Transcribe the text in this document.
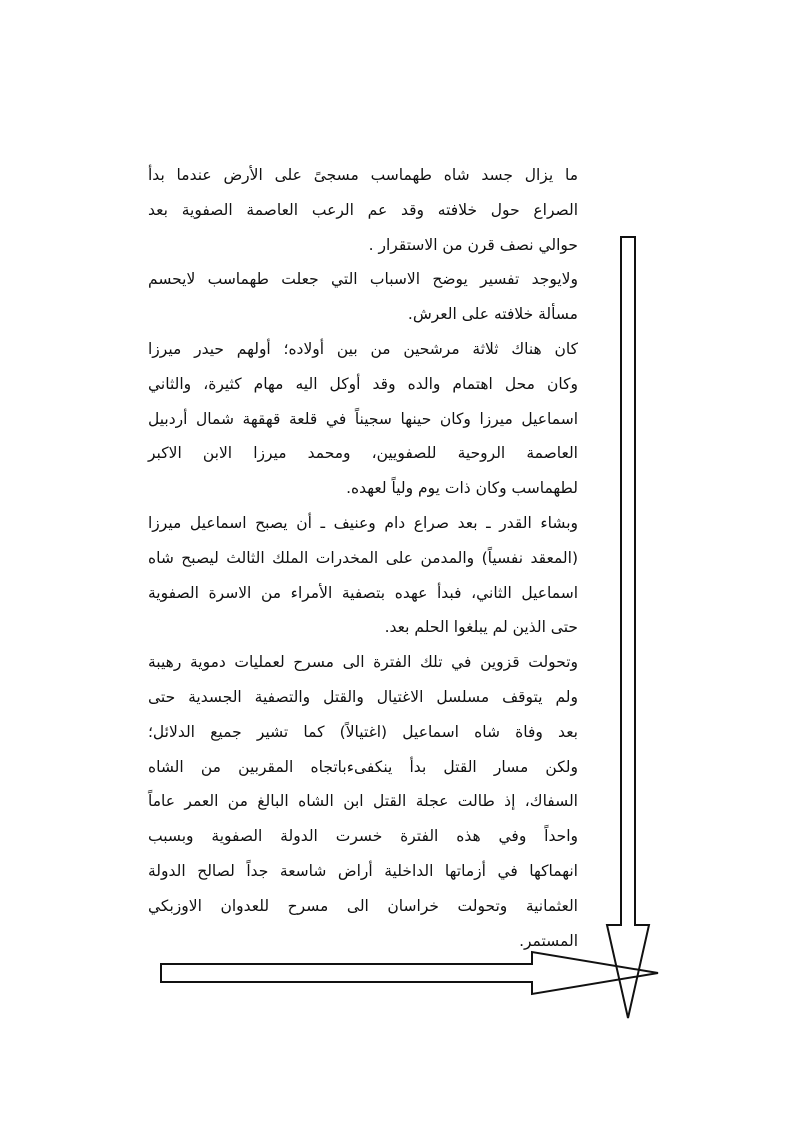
ما يزال جسد شاه طهماسب مسجىً على الأرض عندما بدأ
الصراع حول خلافته وقد عم الرعب العاصمة الصفوية بعد
حوالي نصف قرن من الاستقرار .
ولايوجد تفسير يوضح الاسباب التي جعلت طهماسب لايحسم
مسألة خلافته على العرش.
كان هناك ثلاثة مرشحين من بين أولاده؛ أولهم حيدر ميرزا
وكان محل اهتمام والده وقد أوكل اليه مهام كثيرة، والثاني
اسماعيل ميرزا وكان حينها سجيناً في قلعة قهقهة شمال أردبيل
العاصمة الروحية للصفويين، ومحمد ميرزا الابن الاكبر
لطهماسب وكان ذات يوم ولياً لعهده.
وبشاء القدر ـ بعد صراع دام وعنيف ـ أن يصبح اسماعيل ميرزا
(المعقد نفسياً) والمدمن على المخدرات الملك الثالث ليصبح شاه
اسماعيل الثاني، فبدأ عهده بتصفية الأمراء من الاسرة الصفوية
حتى الذين لم يبلغوا الحلم بعد.
وتحولت قزوين في تلك الفترة الى مسرح لعمليات دموية رهيبة
ولم يتوقف مسلسل الاغتيال والقتل والتصفية الجسدية حتى
بعد وفاة شاه اسماعيل (اغتيالاً) كما تشير جميع الدلائل؛
ولكن مسار القتل بدأ ينكفىءباتجاه المقربين من الشاه
السفاك، إذ طالت عجلة القتل ابن الشاه البالغ من العمر عاماً
واحداً وفي هذه الفترة خسرت الدولة الصفوية وبسبب
انهماكها في أزماتها الداخلية أراض شاسعة جداً لصالح الدولة
العثمانية وتحولت خراسان الى مسرح للعدوان الاوزبكي
المستمر.
